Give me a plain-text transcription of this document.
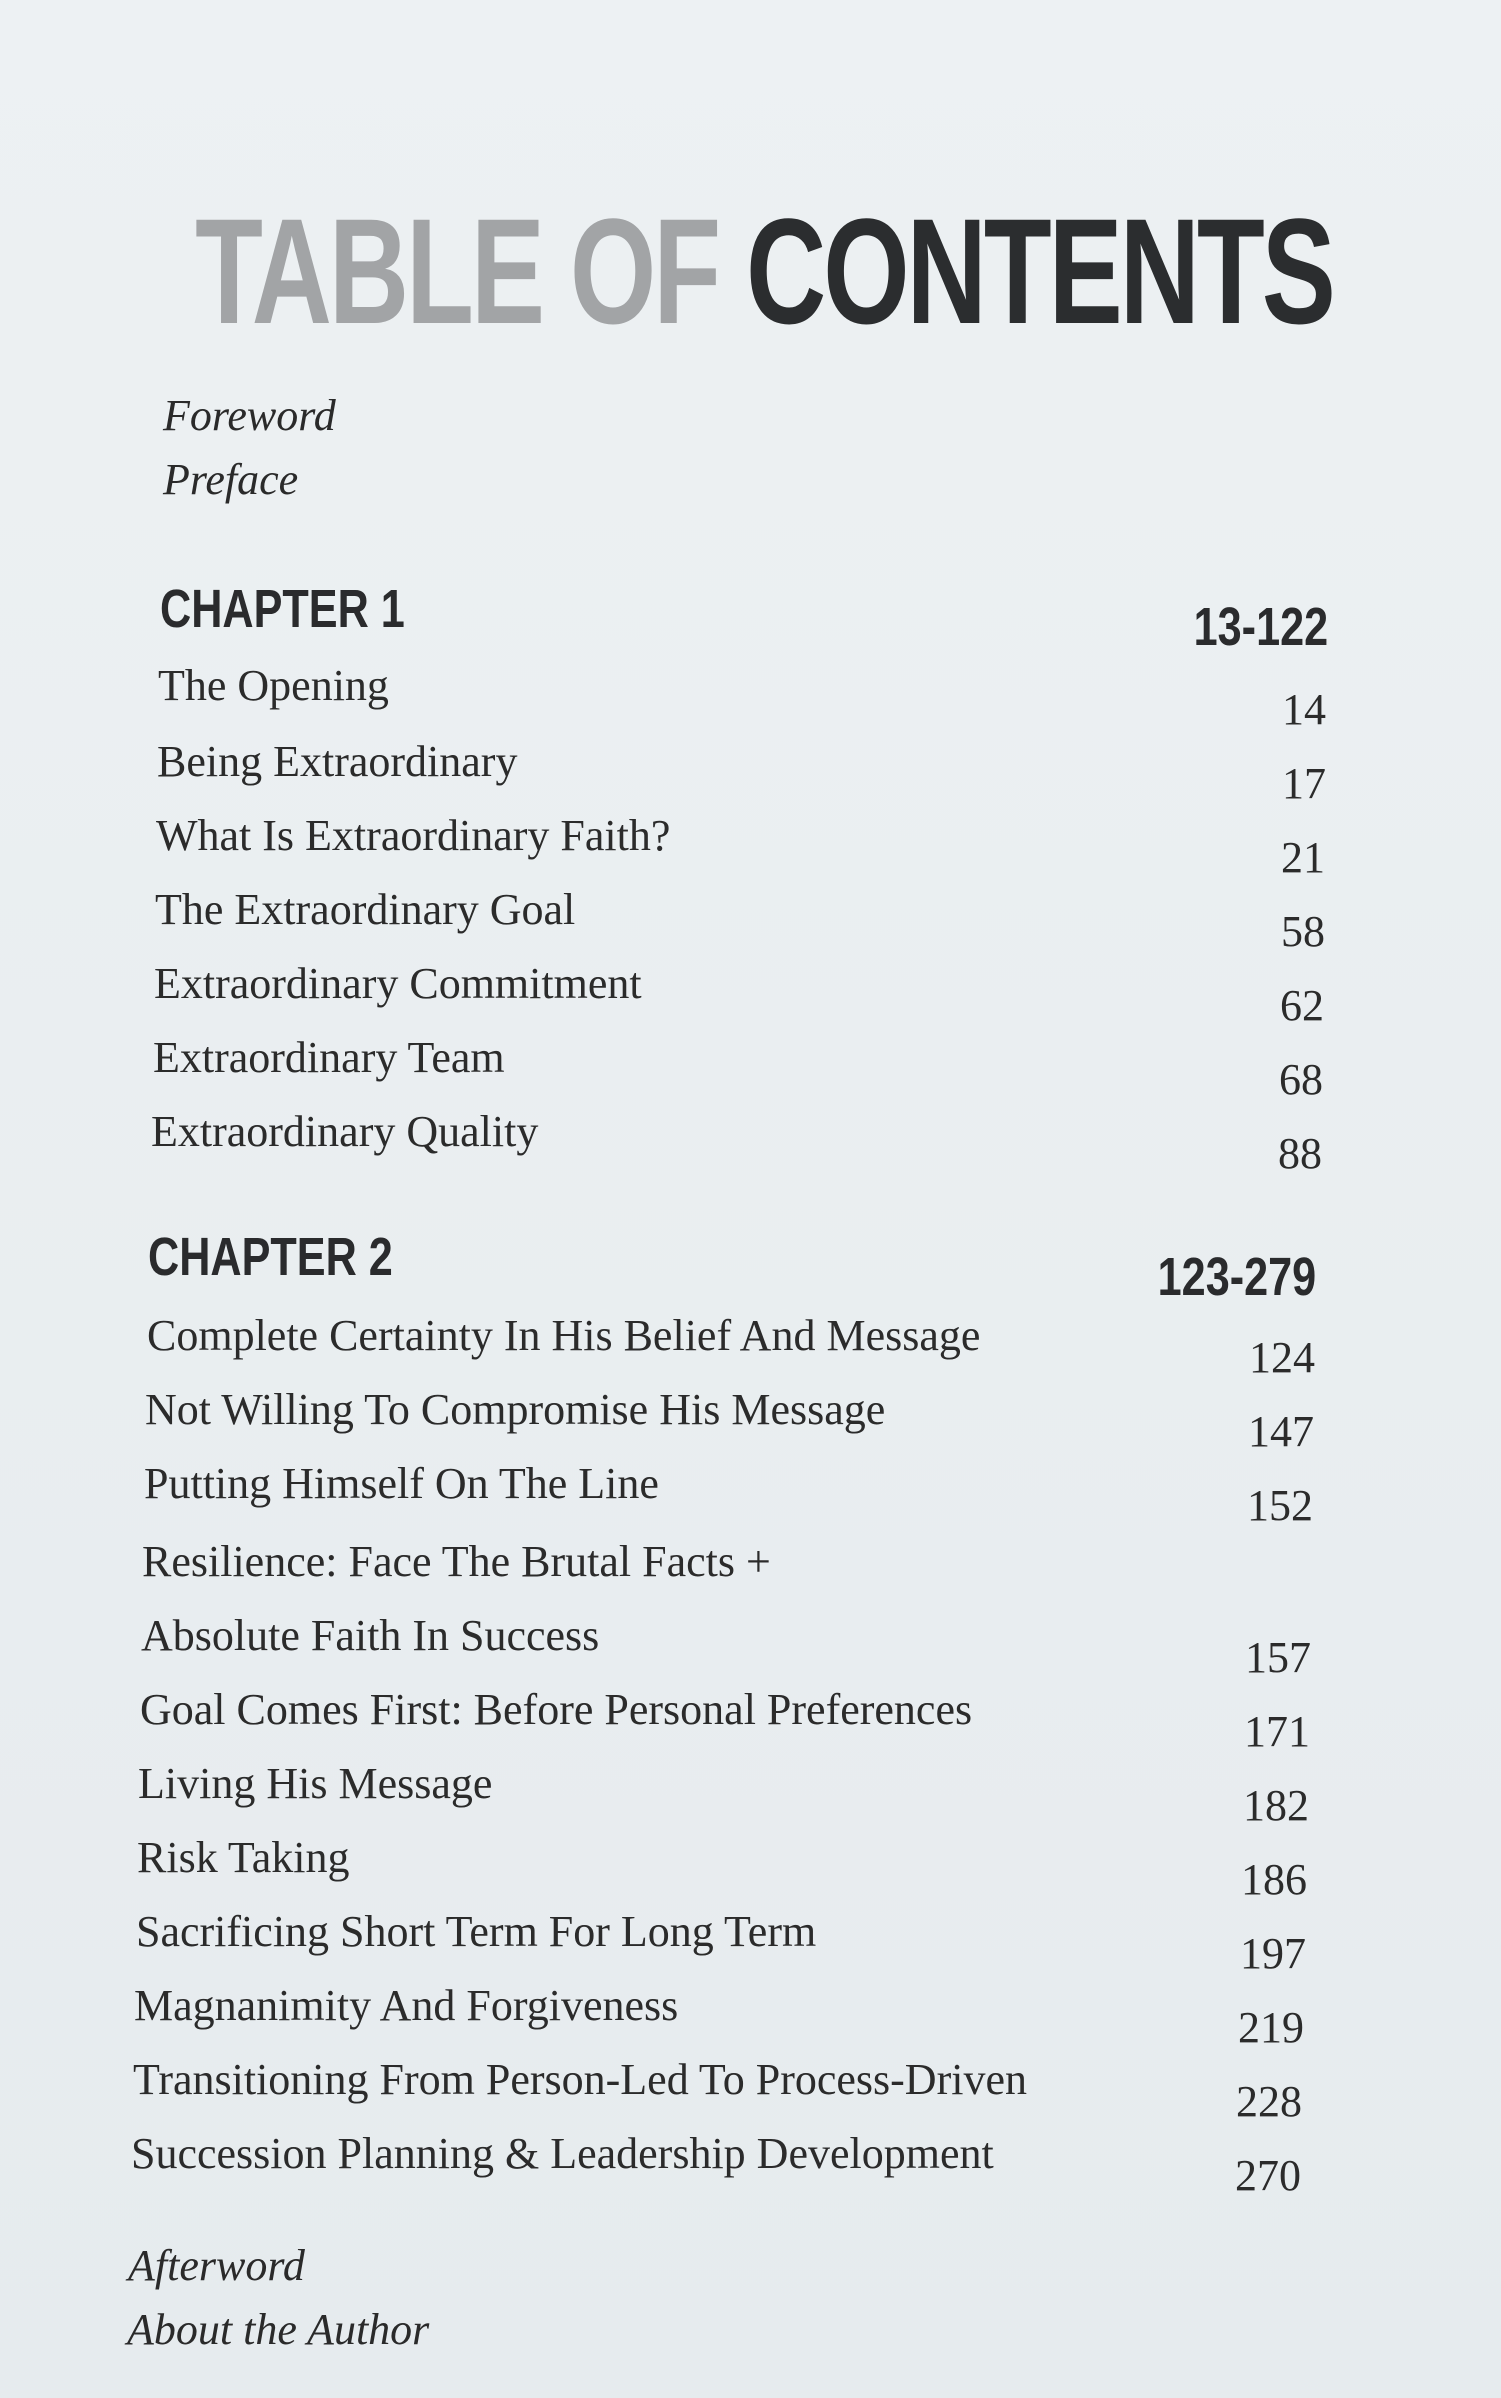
TABLE OF CONTENTS
Foreword
Preface
CHAPTER 1	13-122
The Opening	14
Being Extraordinary	17
What Is Extraordinary Faith?	21
The Extraordinary Goal	58
Extraordinary Commitment	62
Extraordinary Team	68
Extraordinary Quality	88
CHAPTER 2	123-279
Complete Certainty In His Belief And Message	124
Not Willing To Compromise His Message	147
Putting Himself On The Line	152
Resilience: Face The Brutal Facts +
Absolute Faith In Success	157
Goal Comes First: Before Personal Preferences	171
Living His Message	182
Risk Taking	186
Sacrificing Short Term For Long Term	197
Magnanimity And Forgiveness	219
Transitioning From Person-Led To Process-Driven	228
Succession Planning & Leadership Development	270
Afterword
About the Author
